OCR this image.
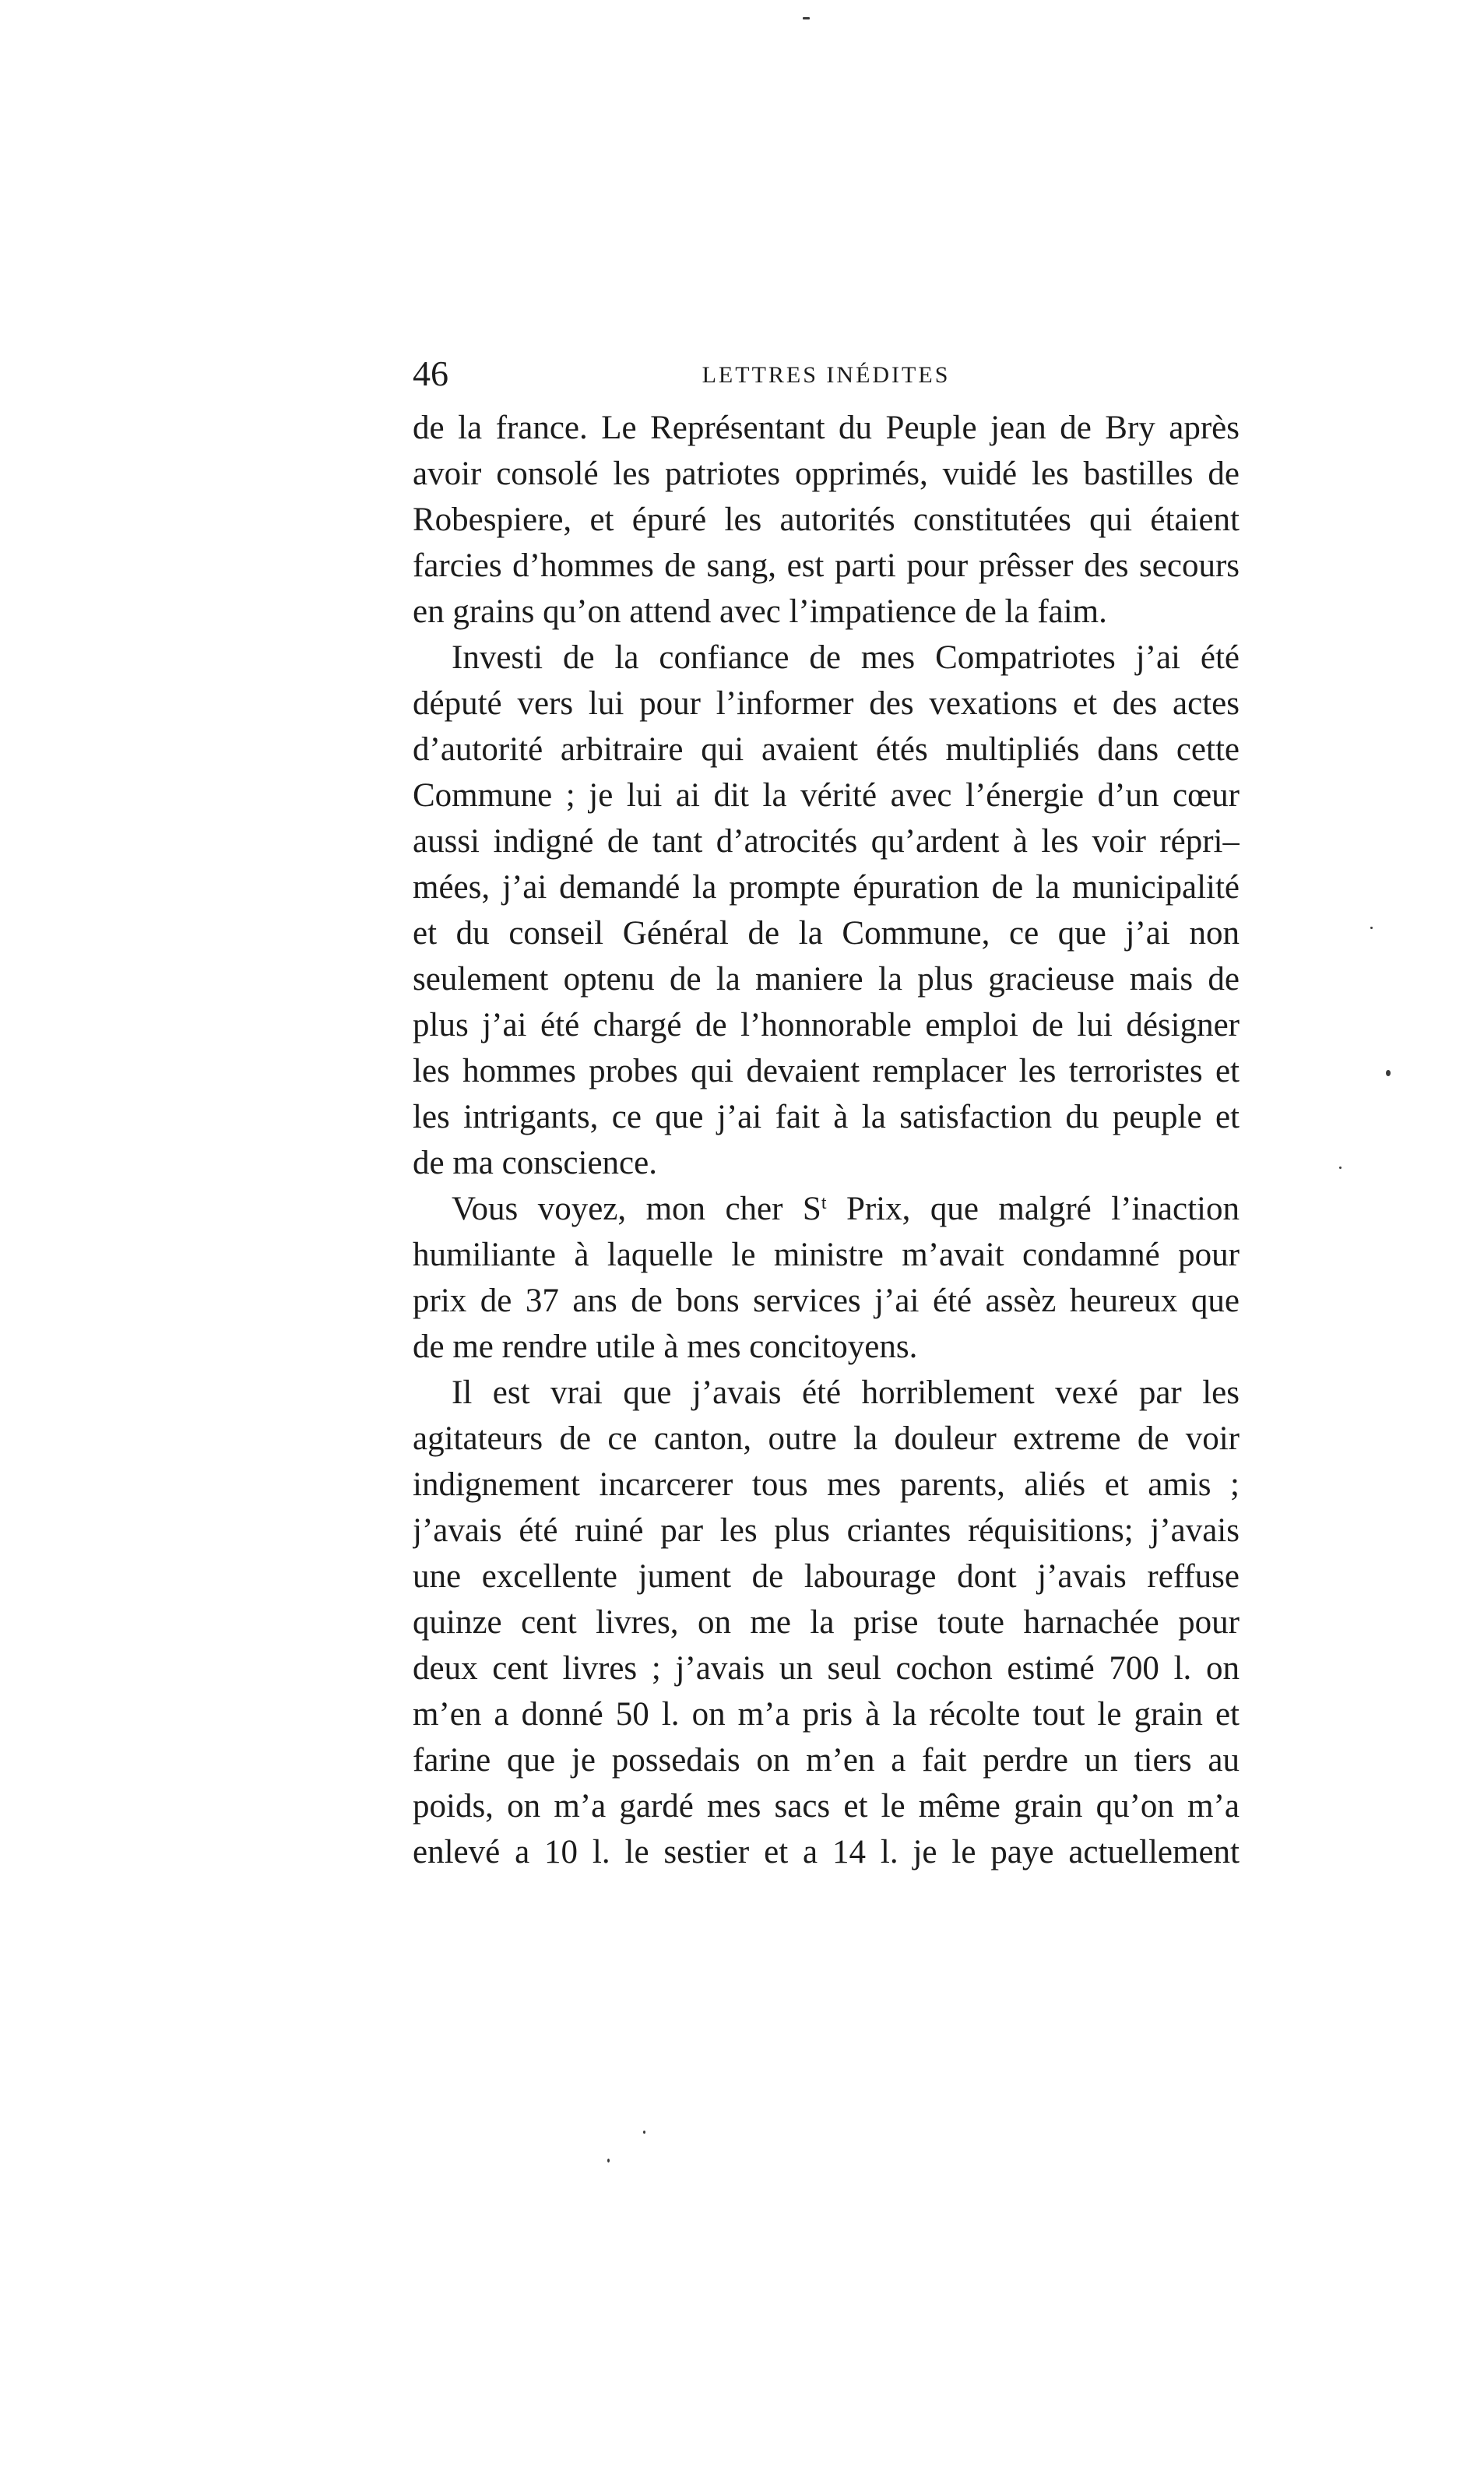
46	LETTRES INÉDITES
de la france. Le Représentant du Peuple jean de Bry après
avoir consolé les patriotes opprimés, vuidé les bastilles de
Robespiere, et épuré les autorités constitutées qui étaient
farcies d’hommes de sang, est parti pour prêsser des secours
en grains qu’on attend avec l’impatience de la faim.
Investi de la confiance de mes Compatriotes j’ai été
député vers lui pour l’informer des vexations et des actes
d’autorité arbitraire qui avaient étés multipliés dans cette
Commune ; je lui ai dit la vérité avec l’énergie d’un cœur
aussi indigné de tant d’atrocités qu’ardent à les voir répri–
mées, j’ai demandé la prompte épuration de la municipalité
et du conseil Général de la Commune, ce que j’ai non
seulement optenu de la maniere la plus gracieuse mais de
plus j’ai été chargé de l’honnorable emploi de lui désigner
les hommes probes qui devaient remplacer les terroristes et
les intrigants, ce que j’ai fait à la satisfaction du peuple et
de ma conscience.
Vous voyez, mon cher $S^t$ Prix, que malgré l’inaction
humiliante à laquelle le ministre m’avait condamné pour
prix de 37 ans de bons services j’ai été assèz heureux que
de me rendre utile à mes concitoyens.
Il est vrai que j’avais été horriblement vexé par les
agitateurs de ce canton, outre la douleur extreme de voir
indignement incarcerer tous mes parents, aliés et amis ;
j’avais été ruiné par les plus criantes réquisitions; j’avais
une excellente jument de labourage dont j’avais reffuse
quinze cent livres, on me la prise toute harnachée pour
deux cent livres ; j’avais un seul cochon estimé 700 l. on
m’en a donné 50 l. on m’a pris à la récolte tout le grain et
farine que je possedais on m’en a fait perdre un tiers au
poids, on m’a gardé mes sacs et le même grain qu’on m’a
enlevé a 10 l. le sestier et a 14 l. je le paye actuellement
